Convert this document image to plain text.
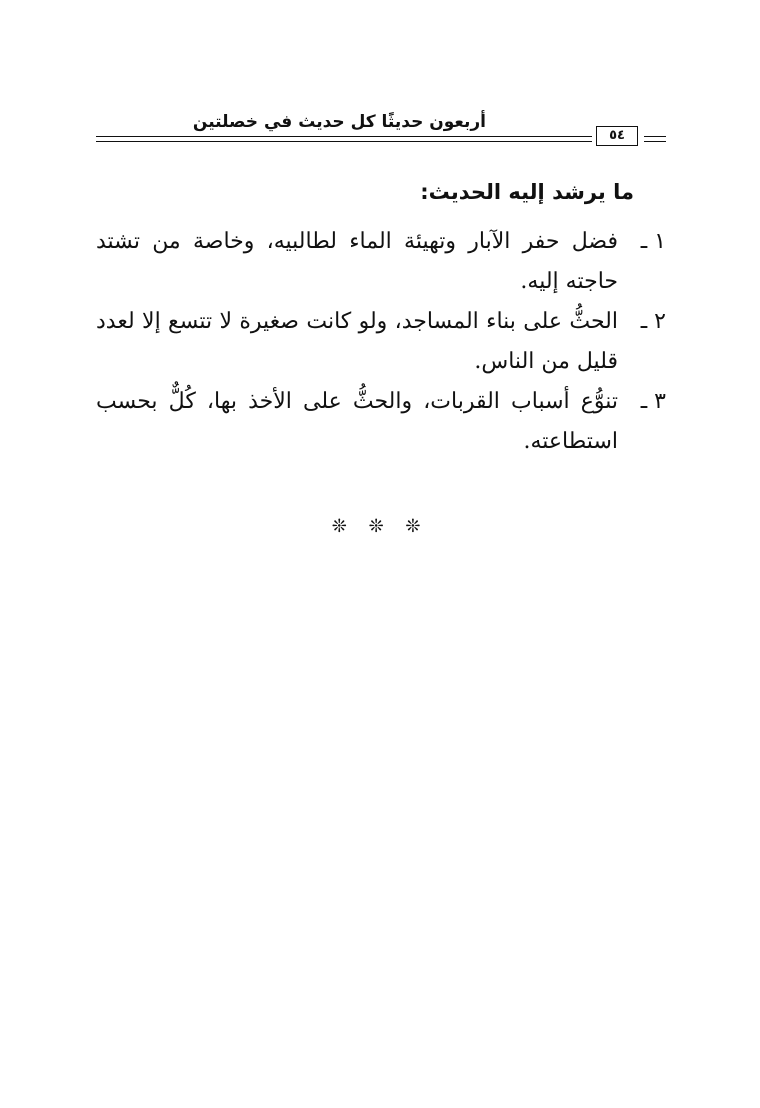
أربعون حديثًا كل حديث في خصلتين
٥٤
ما يرشد إليه الحديث:
١ ـ
فضل حفر الآبار وتهيئة الماء لطالبيه، وخاصة من تشتد حاجته إليه.
٢ ـ
الحثُّ على بناء المساجد، ولو كانت صغيرة لا تتسع إلا لعدد قليل من الناس.
٣ ـ
تنوُّع أسباب القربات، والحثُّ على الأخذ بها، كُلٌّ بحسب استطاعته.
❊ ❊ ❊
